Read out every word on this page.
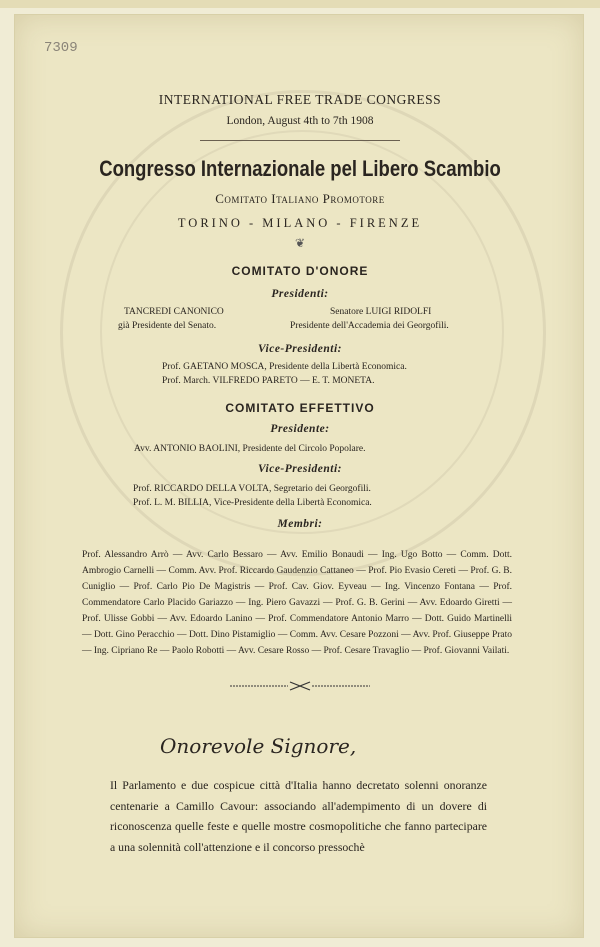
7309
INTERNATIONAL FREE TRADE CONGRESS
London, August 4th to 7th 1908
Congresso Internazionale pel Libero Scambio
Comitato Italiano Promotore
TORINO - MILANO - FIRENZE
❦
COMITATO D'ONORE
Presidenti:
TANCREDI CANONICO
già Presidente del Senato.
Senatore LUIGI RIDOLFI
Presidente dell'Accademia dei Georgofili.
Vice-Presidenti:
Prof. GAETANO MOSCA, Presidente della Libertà Economica.
Prof. March. VILFREDO PARETO — E. T. MONETA.
COMITATO EFFETTIVO
Presidente:
Avv. ANTONIO BAOLINI, Presidente del Circolo Popolare.
Vice-Presidenti:
Prof. RICCARDO DELLA VOLTA, Segretario dei Georgofili.
Prof. L. M. BILLIA, Vice-Presidente della Libertà Economica.
Membri:
Prof. Alessandro Arrò — Avv. Carlo Bessaro — Avv. Emilio Bonaudi — Ing. Ugo Botto — Comm. Dott. Ambrogio Carnelli — Comm. Avv. Prof. Riccardo Gaudenzio Cattaneo — Prof. Pio Evasio Cereti — Prof. G. B. Cuniglio — Prof. Carlo Pio De Magistris — Prof. Cav. Giov. Eyveau — Ing. Vincenzo Fontana — Prof. Commendatore Carlo Placido Gariazzo — Ing. Piero Gavazzi — Prof. G. B. Gerini — Avv. Edoardo Giretti — Prof. Ulisse Gobbi — Avv. Edoardo Lanino — Prof. Commendatore Antonio Marro — Dott. Guido Martinelli — Dott. Gino Peracchio — Dott. Dino Pistamiglio — Comm. Avv. Cesare Pozzoni — Avv. Prof. Giuseppe Prato — Ing. Cipriano Re — Paolo Robotti — Avv. Cesare Rosso — Prof. Cesare Travaglio — Prof. Giovanni Vailati.
Onorevole Signore,
Il Parlamento e due cospicue città d'Italia hanno decretato solenni onoranze centenarie a Camillo Cavour: associando all'adempimento di un dovere di riconoscenza quelle feste e quelle mostre cosmopolitiche che fanno partecipare a una solennità coll'attenzione e il concorso pressochè
